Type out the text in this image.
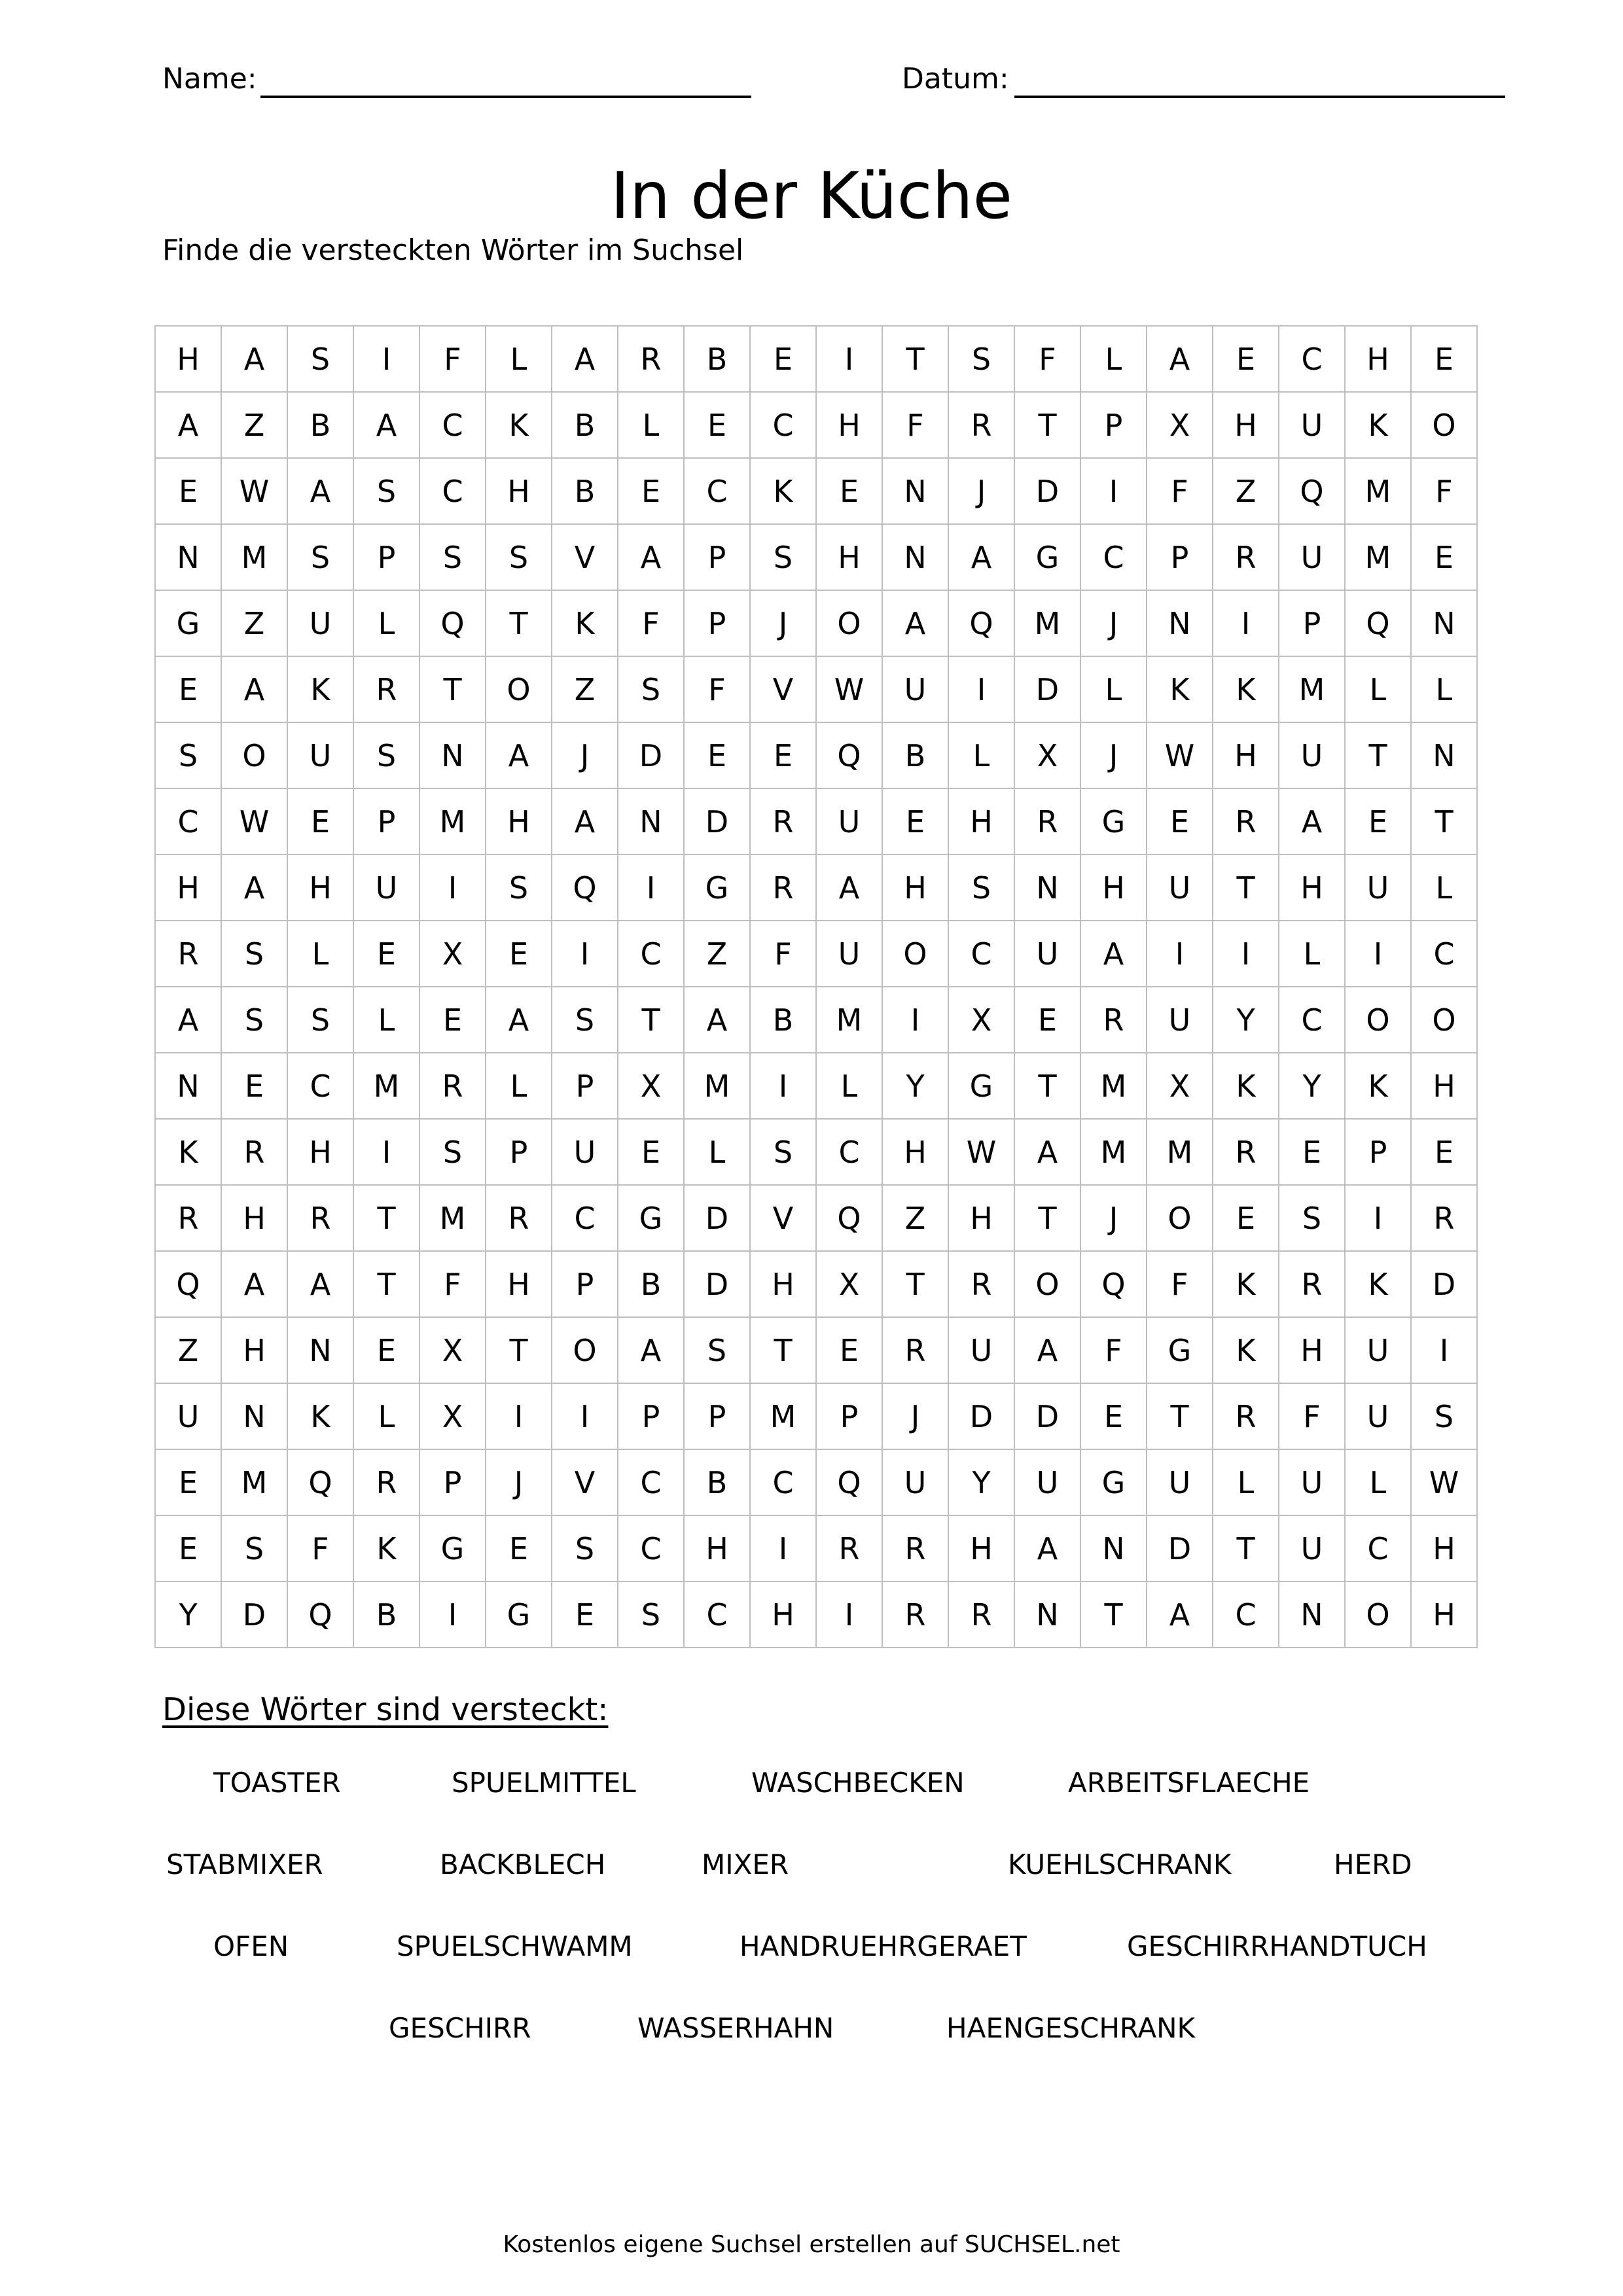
Name:	Datum:
In der Küche
Finde die versteckten Wörter im Suchsel
H	A	S	I	F	L	A	R	B	E	I	T	S	F	L	A	E	C	H	E
A	Z	B	A	C	K	B	L	E	C	H	F	R	T	P	X	H	U	K	O
E	W	A	S	C	H	B	E	C	K	E	N	J	D	I	F	Z	Q	M	F
N	M	S	P	S	S	V	A	P	S	H	N	A	G	C	P	R	U	M	E
G	Z	U	L	Q	T	K	F	P	J	O	A	Q	M	J	N	I	P	Q	N
E	A	K	R	T	O	Z	S	F	V	W	U	I	D	L	K	K	M	L	L
S	O	U	S	N	A	J	D	E	E	Q	B	L	X	J	W	H	U	T	N
C	W	E	P	M	H	A	N	D	R	U	E	H	R	G	E	R	A	E	T
H	A	H	U	I	S	Q	I	G	R	A	H	S	N	H	U	T	H	U	L
R	S	L	E	X	E	I	C	Z	F	U	O	C	U	A	I	I	L	I	C
A	S	S	L	E	A	S	T	A	B	M	I	X	E	R	U	Y	C	O	O
N	E	C	M	R	L	P	X	M	I	L	Y	G	T	M	X	K	Y	K	H
K	R	H	I	S	P	U	E	L	S	C	H	W	A	M	M	R	E	P	E
R	H	R	T	M	R	C	G	D	V	Q	Z	H	T	J	O	E	S	I	R
Q	A	A	T	F	H	P	B	D	H	X	T	R	O	Q	F	K	R	K	D
Z	H	N	E	X	T	O	A	S	T	E	R	U	A	F	G	K	H	U	I
U	N	K	L	X	I	I	P	P	M	P	J	D	D	E	T	R	F	U	S
E	M	Q	R	P	J	V	C	B	C	Q	U	Y	U	G	U	L	U	L	W
E	S	F	K	G	E	S	C	H	I	R	R	H	A	N	D	T	U	C	H
Y	D	Q	B	I	G	E	S	C	H	I	R	R	N	T	A	C	N	O	H
Diese Wörter sind versteckt:
TOASTER	SPUELMITTEL	WASCHBECKEN	ARBEITSFLAECHE
STABMIXER	BACKBLECH	MIXER	KUEHLSCHRANK	HERD
OFEN	SPUELSCHWAMM	HANDRUEHRGERAET	GESCHIRRHANDTUCH
GESCHIRR	WASSERHAHN	HAENGESCHRANK
Kostenlos eigene Suchsel erstellen auf SUCHSEL.net
